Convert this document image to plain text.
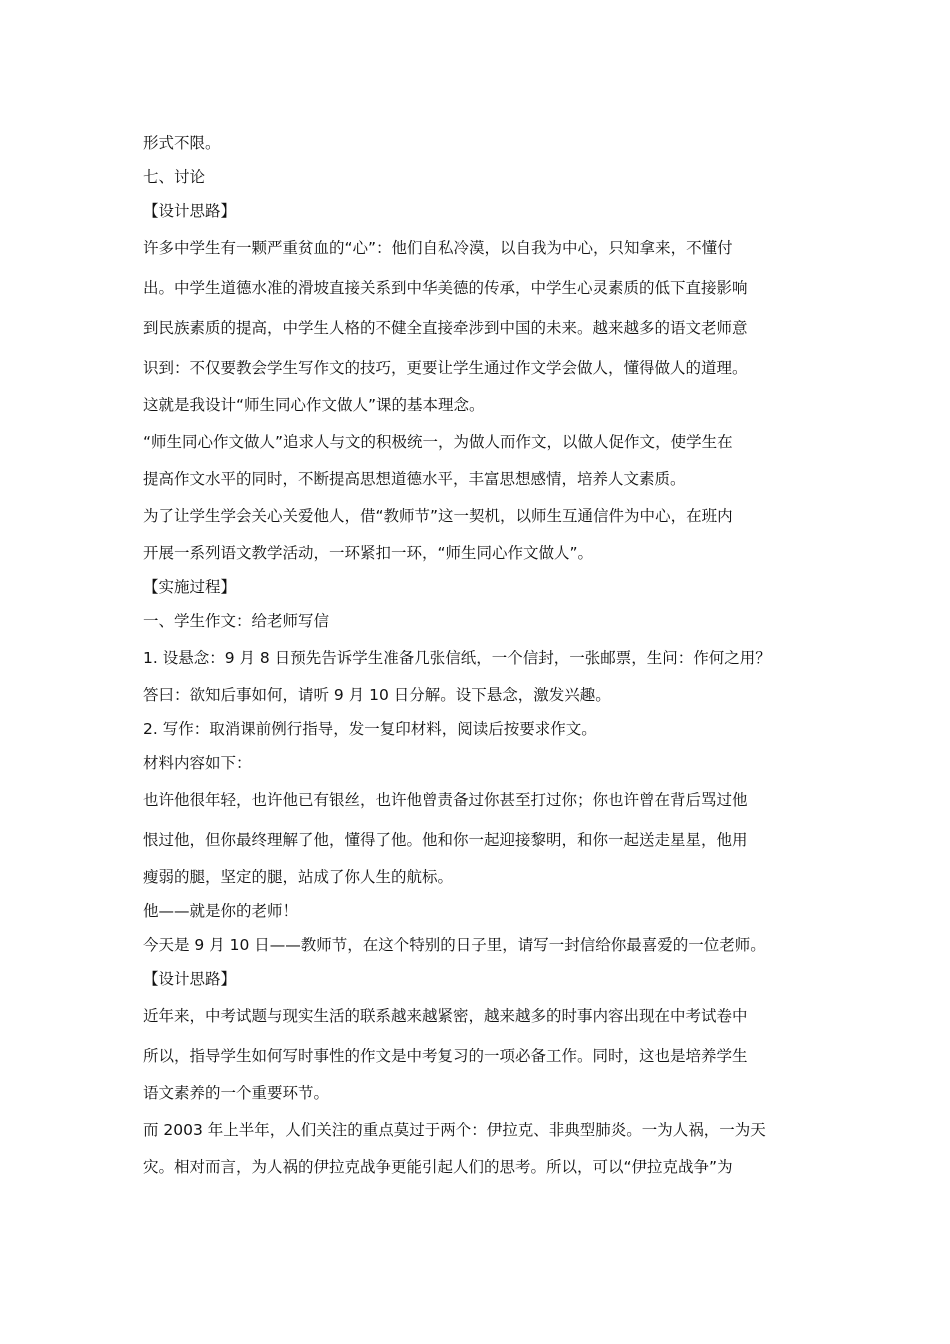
形式不限。
七、讨论
【设计思路】
许多中学生有一颗严重贫血的“心”：他们自私冷漠，以自我为中心，只知拿来，不懂付
出。中学生道德水准的滑坡直接关系到中华美德的传承，中学生心灵素质的低下直接影响
到民族素质的提高，中学生人格的不健全直接牵涉到中国的未来。越来越多的语文老师意
识到：不仅要教会学生写作文的技巧，更要让学生通过作文学会做人，懂得做人的道理。
这就是我设计“师生同心作文做人”课的基本理念。
“师生同心作文做人”追求人与文的积极统一，为做人而作文，以做人促作文，使学生在
提高作文水平的同时，不断提高思想道德水平，丰富思想感情，培养人文素质。
为了让学生学会关心关爱他人，借“教师节”这一契机，以师生互通信件为中心，在班内
开展一系列语文教学活动，一环紧扣一环，“师生同心作文做人”。
【实施过程】
一、学生作文：给老师写信
1. 设悬念：9 月 8 日预先告诉学生准备几张信纸，一个信封，一张邮票，生问：作何之用？
答曰：欲知后事如何，请听 9 月 10 日分解。设下悬念，激发兴趣。
2. 写作：取消课前例行指导，发一复印材料，阅读后按要求作文。
材料内容如下：
也许他很年轻，也许他已有银丝，也许他曾责备过你甚至打过你；你也许曾在背后骂过他
恨过他，但你最终理解了他，懂得了他。他和你一起迎接黎明，和你一起送走星星，他用
瘦弱的腿，坚定的腿，站成了你人生的航标。
他——就是你的老师！
今天是 9 月 10 日——教师节，在这个特别的日子里，请写一封信给你最喜爱的一位老师。
【设计思路】
近年来，中考试题与现实生活的联系越来越紧密，越来越多的时事内容出现在中考试卷中
所以，指导学生如何写时事性的作文是中考复习的一项必备工作。同时，这也是培养学生
语文素养的一个重要环节。
而 2003 年上半年，人们关注的重点莫过于两个：伊拉克、非典型肺炎。一为人祸，一为天
灾。相对而言，为人祸的伊拉克战争更能引起人们的思考。所以，可以“伊拉克战争”为
